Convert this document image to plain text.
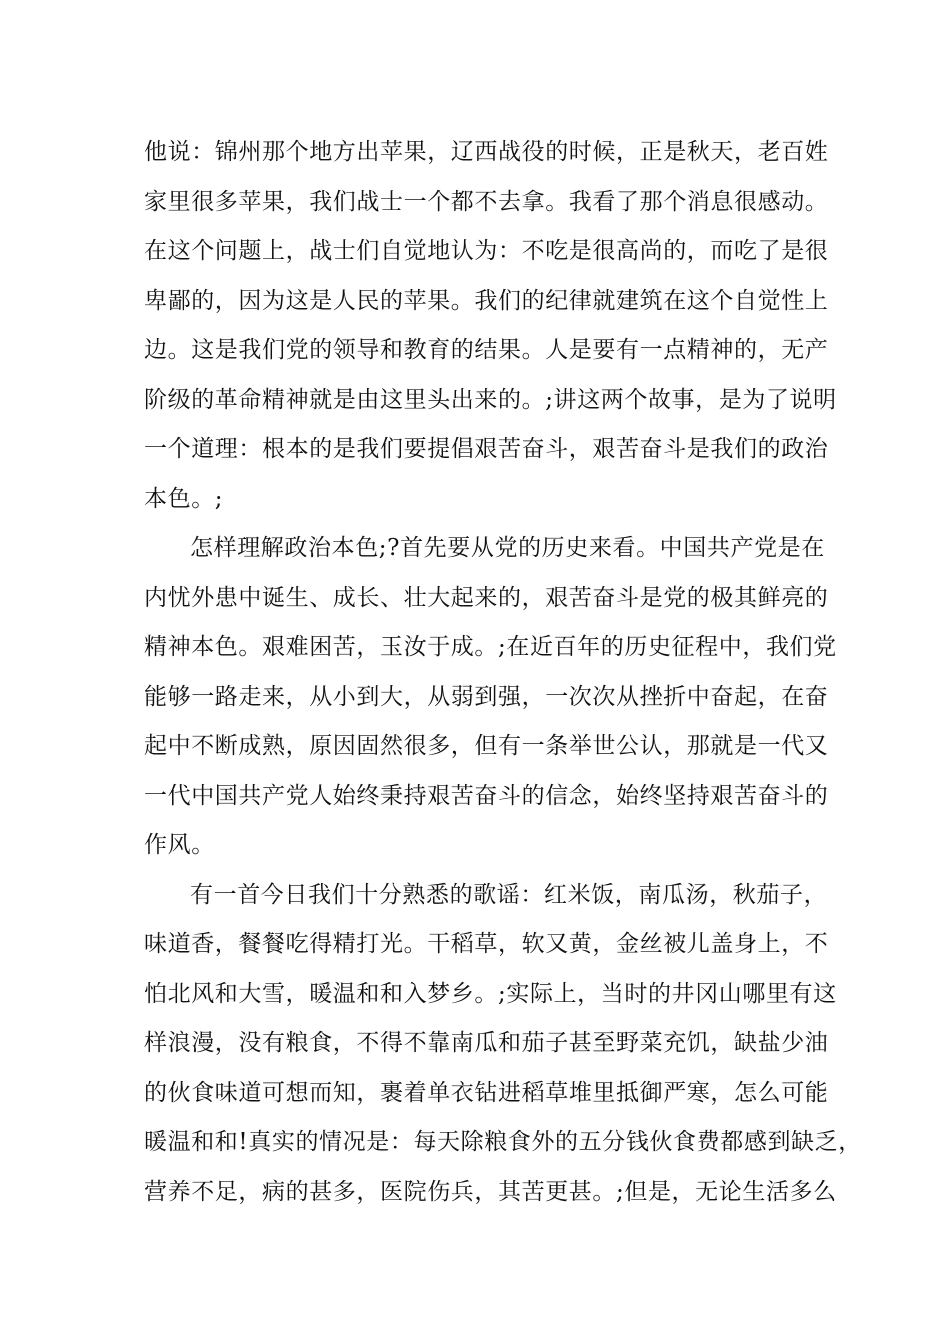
他说：锦州那个地方出苹果，辽西战役的时候，正是秋天，老百姓
家里很多苹果，我们战士一个都不去拿。我看了那个消息很感动。
在这个问题上，战士们自觉地认为：不吃是很高尚的，而吃了是很
卑鄙的，因为这是人民的苹果。我们的纪律就建筑在这个自觉性上
边。这是我们党的领导和教育的结果。人是要有一点精神的，无产
阶级的革命精神就是由这里头出来的。;讲这两个故事，是为了说明
一个道理：根本的是我们要提倡艰苦奋斗，艰苦奋斗是我们的政治
本色。;
怎样理解政治本色;?首先要从党的历史来看。中国共产党是在
内忧外患中诞生、成长、壮大起来的，艰苦奋斗是党的极其鲜亮的
精神本色。艰难困苦，玉汝于成。;在近百年的历史征程中，我们党
能够一路走来，从小到大，从弱到强，一次次从挫折中奋起，在奋
起中不断成熟，原因固然很多，但有一条举世公认，那就是一代又
一代中国共产党人始终秉持艰苦奋斗的信念，始终坚持艰苦奋斗的
作风。
有一首今日我们十分熟悉的歌谣：红米饭，南瓜汤，秋茄子，
味道香，餐餐吃得精打光。干稻草，软又黄，金丝被儿盖身上，不
怕北风和大雪，暖温和和入梦乡。;实际上，当时的井冈山哪里有这
样浪漫，没有粮食，不得不靠南瓜和茄子甚至野菜充饥，缺盐少油
的伙食味道可想而知，裹着单衣钻进稻草堆里抵御严寒，怎么可能
暖温和和!真实的情况是：每天除粮食外的五分钱伙食费都感到缺乏，
营养不足，病的甚多，医院伤兵，其苦更甚。;但是，无论生活多么
